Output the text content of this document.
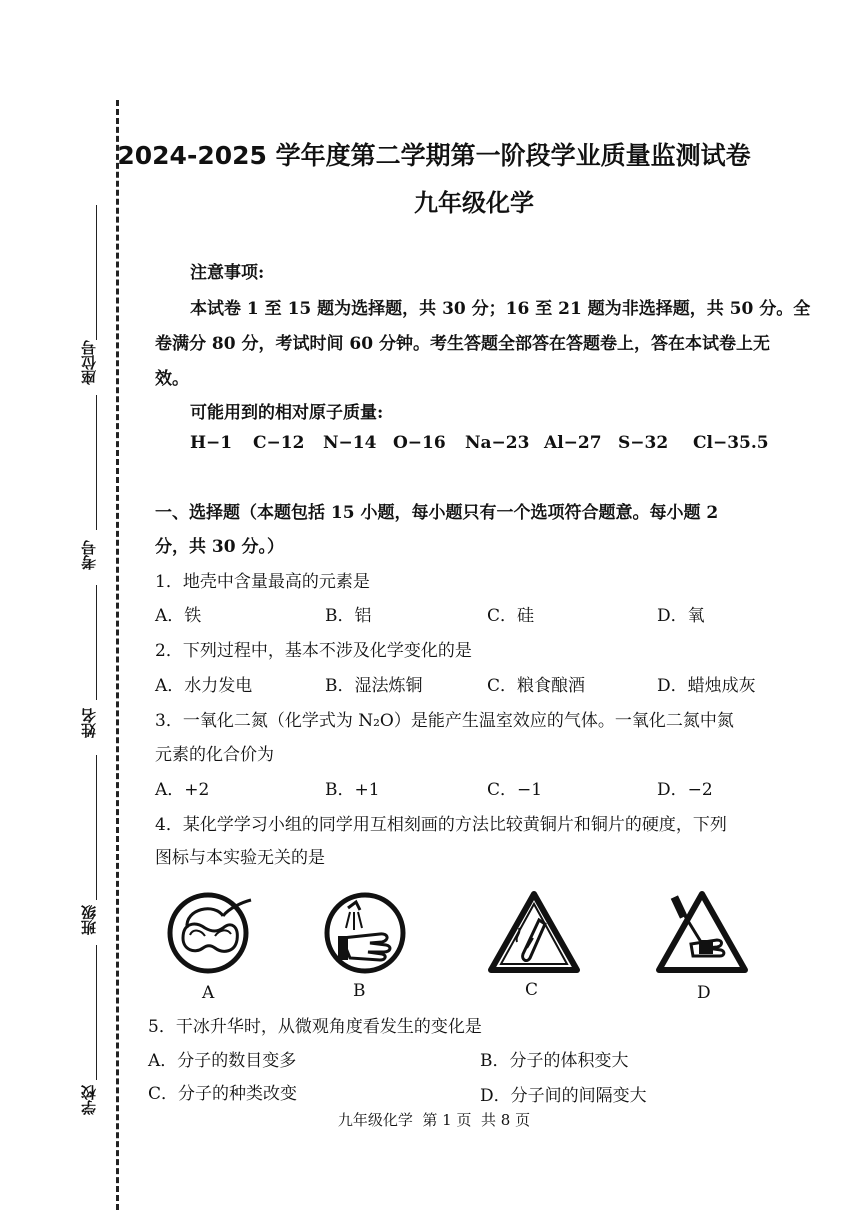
座位号
考号
姓名
班级
学校
2024-2025 学年度第二学期第一阶段学业质量监测试卷
九年级化学
注意事项:
本试卷 1 至 15 题为选择题，共 30 分；16 至 21 题为非选择题，共 50 分。全
卷满分 80 分，考试时间 60 分钟。考生答题全部答在答题卷上，答在本试卷上无
效。
可能用到的相对原子质量:
H−1 C−12 N−14 O−16 Na−23 Al−27 S−32 Cl−35.5
一、选择题（本题包括 15 小题，每小题只有一个选项符合题意。每小题 2
分，共 30 分。）
1．地壳中含量最高的元素是
A．铁	B．铝	C．硅	D．氧
2．下列过程中，基本不涉及化学变化的是
A．水力发电	B．湿法炼铜	C．粮食酿酒	D．蜡烛成灰
3．一氧化二氮（化学式为 N₂O）是能产生温室效应的气体。一氧化二氮中氮
元素的化合价为
A．+2	B．+1	C．−1	D．−2
4．某化学学习小组的同学用互相刻画的方法比较黄铜片和铜片的硬度，下列
图标与本实验无关的是
A	B	C	D
5．干冰升华时，从微观角度看发生的变化是
A．分子的数目变多	B．分子的体积变大
C．分子的种类改变	D．分子间的间隔变大
九年级化学  第 1 页  共 8 页
